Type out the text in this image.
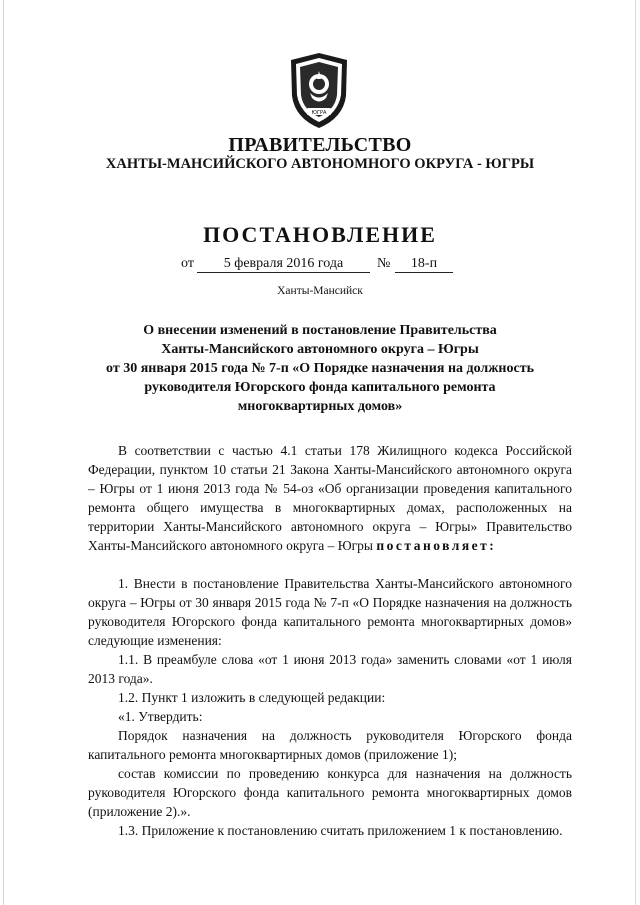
ЮГРА
ПРАВИТЕЛЬСТВО
ХАНТЫ-МАНСИЙСКОГО АВТОНОМНОГО ОКРУГА - ЮГРЫ
ПОСТАНОВЛЕНИЕ
от	5 февраля 2016 года	№	18-п
Ханты-Мансийск
О внесении изменений в постановление Правительства
Ханты-Мансийского автономного округа – Югры
от 30 января 2015 года № 7-п «О Порядке назначения на должность
руководителя Югорского фонда капитального ремонта
многоквартирных домов»

В соответствии с частью 4.1 статьи 178 Жилищного кодекса Российской Федерации, пунктом 10 статьи 21 Закона Ханты-Мансийского автономного округа – Югры от 1 июня 2013 года № 54-оз «Об организации проведения капитального ремонта общего имущества в многоквартирных домах, расположенных на территории Ханты-Мансийского автономного округа – Югры» Правительство Ханты-Мансийского автономного округа – Югры постановляет:

1. Внести в постановление Правительства Ханты-Мансийского автономного округа – Югры от 30 января 2015 года № 7-п «О Порядке назначения на должность руководителя Югорского фонда капитального ремонта многоквартирных домов» следующие изменения:

1.1. В преамбуле слова «от 1 июня 2013 года» заменить словами «от 1 июля 2013 года».

1.2. Пункт 1 изложить в следующей редакции:

«1. Утвердить:

Порядок назначения на должность руководителя Югорского фонда капитального ремонта многоквартирных домов (приложение 1);

состав комиссии по проведению конкурса для назначения на должность руководителя Югорского фонда капитального ремонта многоквартирных домов (приложение 2).».

1.3. Приложение к постановлению считать приложением 1 к постановлению.
